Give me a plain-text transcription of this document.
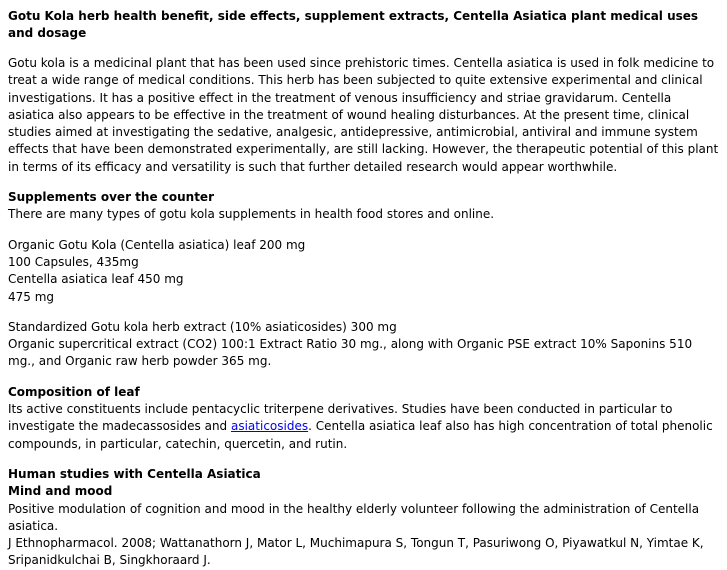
Gotu Kola herb health benefit, side effects, supplement extracts, Centella Asiatica plant medical uses and dosage

Gotu kola is a medicinal plant that has been used since prehistoric times. Centella asiatica is used in folk medicine to treat a wide range of medical conditions. This herb has been subjected to quite extensive experimental and clinical investigations. It has a positive effect in the treatment of venous insufficiency and striae gravidarum. Centella asiatica also appears to be effective in the treatment of wound healing disturbances. At the present time, clinical studies aimed at investigating the sedative, analgesic, antidepressive, antimicrobial, antiviral and immune system effects that have been demonstrated experimentally, are still lacking. However, the therapeutic potential of this plant in terms of its efficacy and versatility is such that further detailed research would appear worthwhile.

Supplements over the counter

There are many types of gotu kola supplements in health food stores and online.

Organic Gotu Kola (Centella asiatica) leaf 200 mg
100 Capsules, 435mg
Centella asiatica leaf 450 mg
475 mg
Standardized Gotu kola herb extract (10% asiaticosides) 300 mg
Organic supercritical extract (CO2) 100:1 Extract Ratio 30 mg., along with Organic PSE extract 10% Saponins 510 mg., and Organic raw herb powder 365 mg.
Composition of leaf

Its active constituents include pentacyclic triterpene derivatives. Studies have been conducted in particular to investigate the madecassosides and asiaticosides. Centella asiatica leaf also has high concentration of total phenolic compounds, in particular, catechin, quercetin, and rutin.

Human studies with Centella Asiatica
Mind and mood

Positive modulation of cognition and mood in the healthy elderly volunteer following the administration of Centella asiatica.

J Ethnopharmacol. 2008; Wattanathorn J, Mator L, Muchimapura S, Tongun T, Pasuriwong O, Piyawatkul N, Yimtae K, Sripanidkulchai B, Singkhoraard J.
